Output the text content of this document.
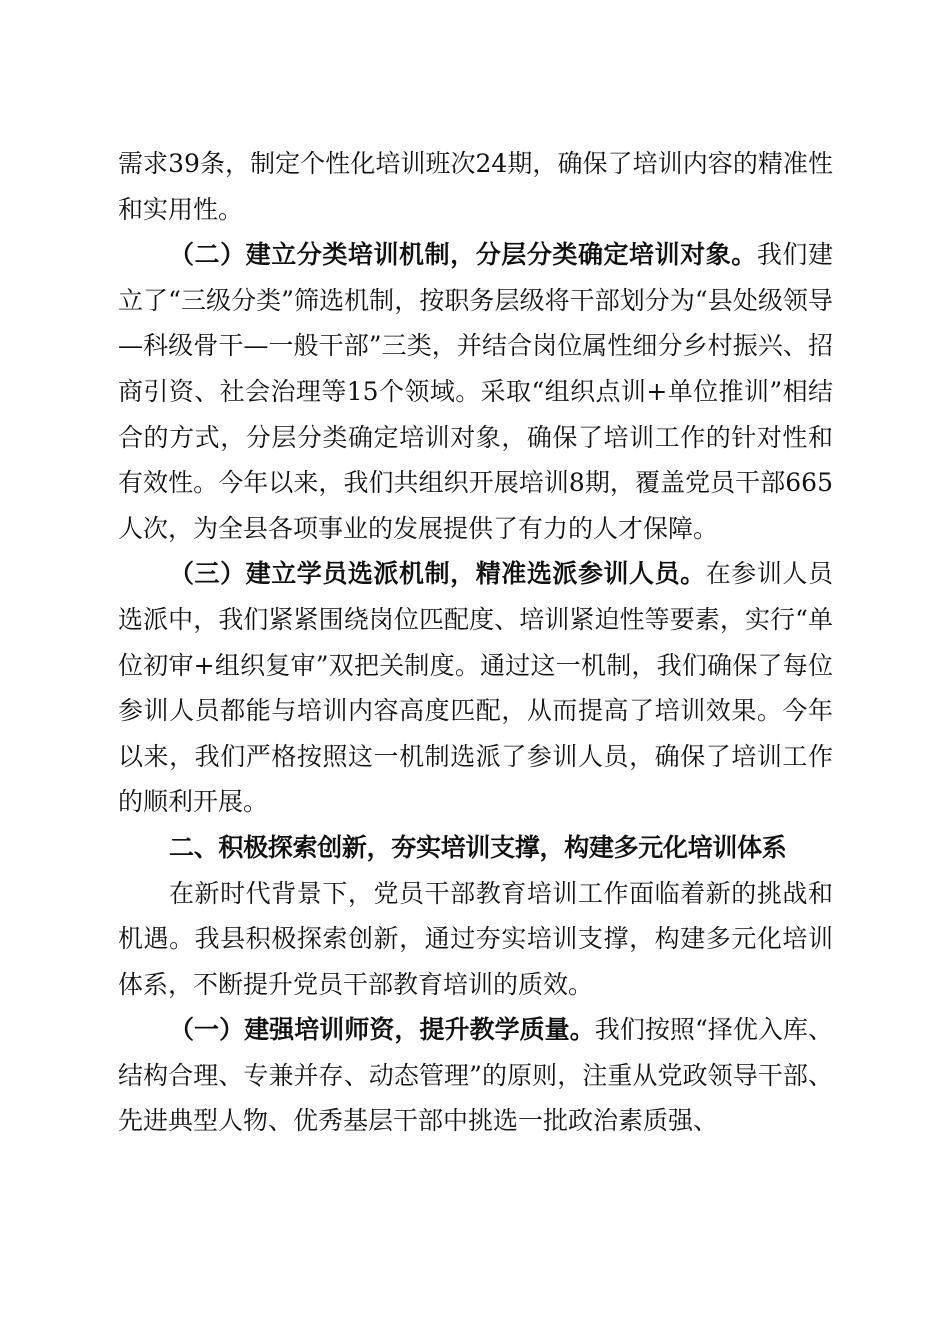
需求39条，制定个性化培训班次24期，确保了培训内容的精准性和实用性。

（二）建立分类培训机制，分层分类确定培训对象。我们建立了“三级分类”筛选机制，按职务层级将干部划分为“县处级领导—科级骨干—一般干部”三类，并结合岗位属性细分乡村振兴、招商引资、社会治理等15个领域。采取“组织点训+单位推训”相结合的方式，分层分类确定培训对象，确保了培训工作的针对性和有效性。今年以来，我们共组织开展培训8期，覆盖党员干部665人次，为全县各项事业的发展提供了有力的人才保障。

（三）建立学员选派机制，精准选派参训人员。在参训人员选派中，我们紧紧围绕岗位匹配度、培训紧迫性等要素，实行“单位初审+组织复审”双把关制度。通过这一机制，我们确保了每位参训人员都能与培训内容高度匹配，从而提高了培训效果。今年以来，我们严格按照这一机制选派了参训人员，确保了培训工作的顺利开展。

二、积极探索创新，夯实培训支撑，构建多元化培训体系

在新时代背景下，党员干部教育培训工作面临着新的挑战和机遇。我县积极探索创新，通过夯实培训支撑，构建多元化培训体系，不断提升党员干部教育培训的质效。

（一）建强培训师资，提升教学质量。我们按照“择优入库、结构合理、专兼并存、动态管理”的原则，注重从党政领导干部、先进典型人物、优秀基层干部中挑选一批政治素质强、
